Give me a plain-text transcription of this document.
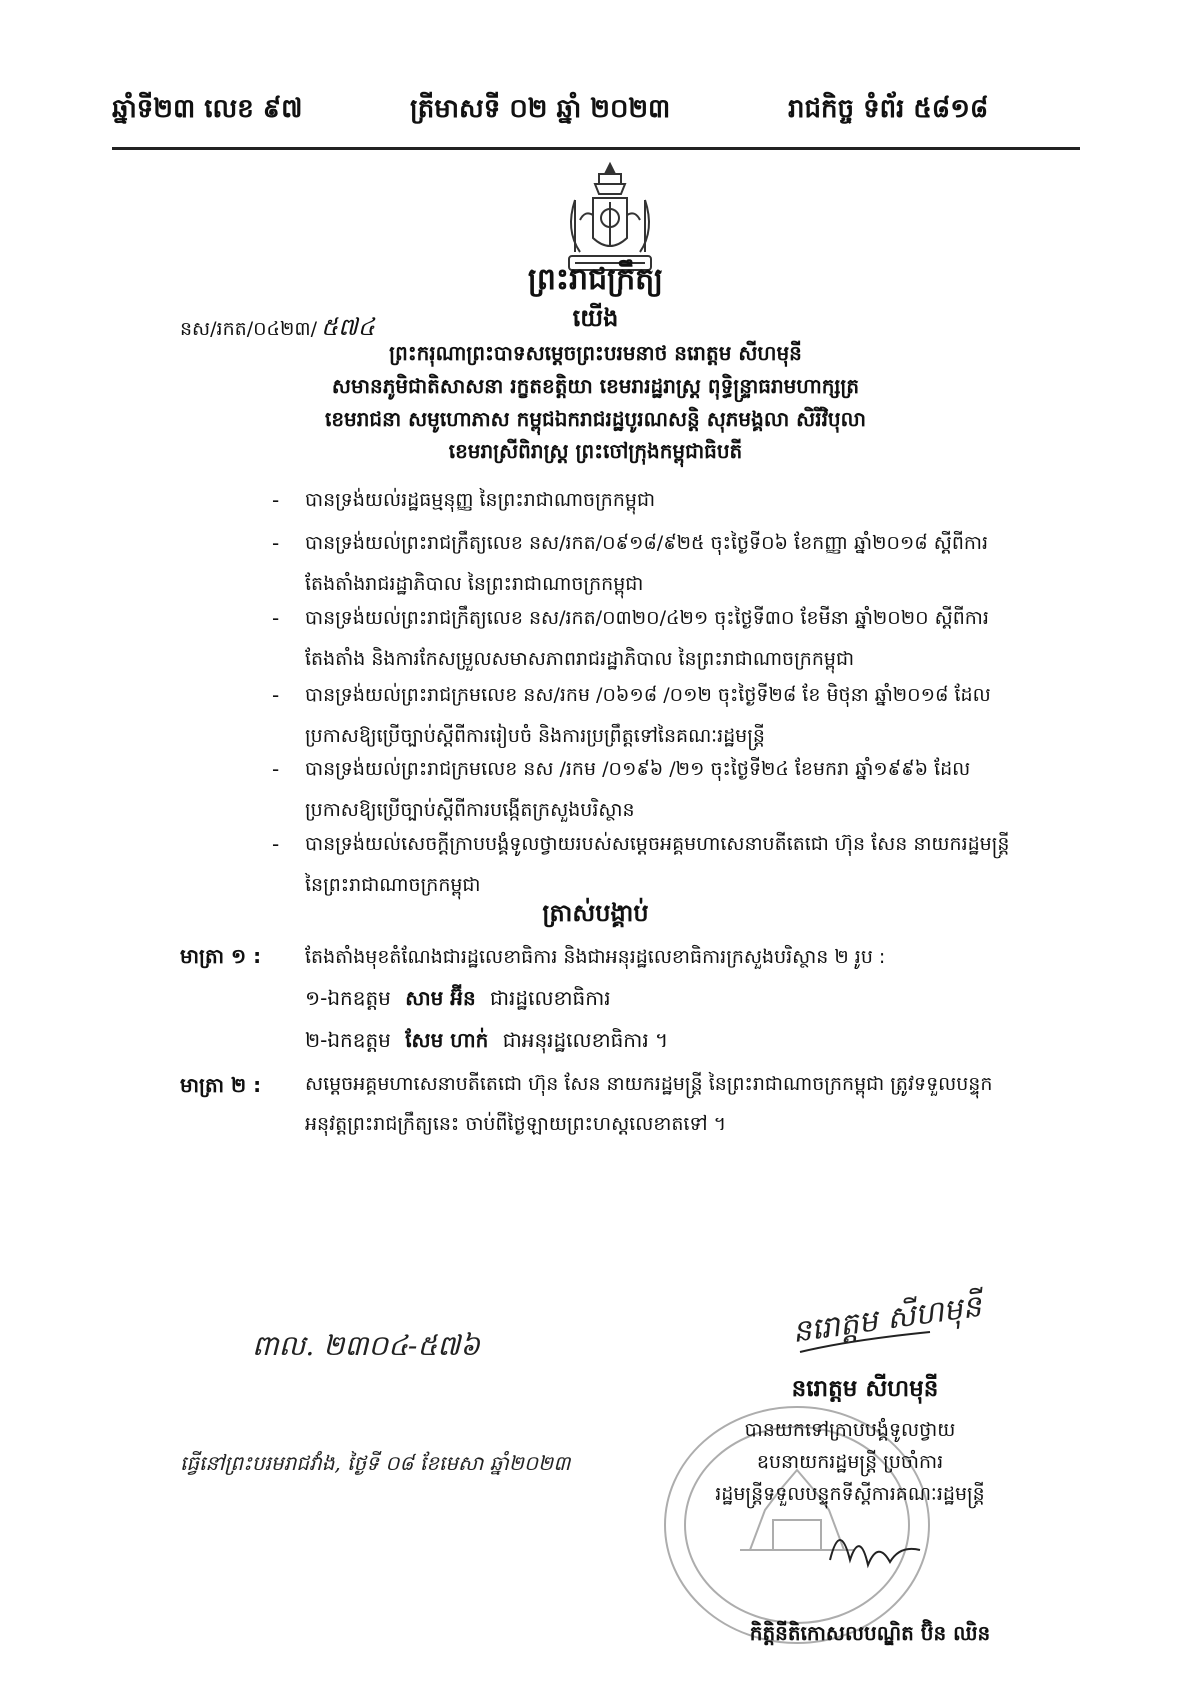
ឆ្នាំទី២៣ លេខ ៩៧	ត្រីមាសទី ០២ ឆ្នាំ ២០២៣	រាជកិច្ច ទំព័រ ៥៨១៨
ព្រះរាជក្រឹត្យ
នស/រកត/០៤២៣/ ៥៧៤	យើង
ព្រះករុណាព្រះបាទសម្តេចព្រះបរមនាថ នរោត្តម សីហមុនី
សមានភូមិជាតិសាសនា រក្ខតខត្តិយា ខេមរារដ្ឋរាស្ត្រ ពុទ្ធិន្ទ្រាធរាមហាក្សត្រ
ខេមរាជនា សមូហោភាស កម្ពុជឯករាជរដ្ឋបូរណសន្តិ សុភមង្គលា សិរីវិបុលា
ខេមរាស្រីពិរាស្ត្រ ព្រះចៅក្រុងកម្ពុជាធិបតី
- បានទ្រង់យល់រដ្ឋធម្មនុញ្ញ នៃព្រះរាជាណាចក្រកម្ពុជា
- បានទ្រង់យល់ព្រះរាជក្រឹត្យលេខ នស/រកត/០៩១៨/៩២៥ ចុះថ្ងៃទី០៦ ខែកញ្ញា ឆ្នាំ២០១៨ ស្តីពីការតែងតាំងរាជរដ្ឋាភិបាល នៃព្រះរាជាណាចក្រកម្ពុជា
- បានទ្រង់យល់ព្រះរាជក្រឹត្យលេខ នស/រកត/០៣២០/៤២១ ចុះថ្ងៃទី៣០ ខែមីនា ឆ្នាំ២០២០ ស្តីពីការតែងតាំង និងការកែសម្រួលសមាសភាពរាជរដ្ឋាភិបាល នៃព្រះរាជាណាចក្រកម្ពុជា
- បានទ្រង់យល់ព្រះរាជក្រមលេខ នស/រកម /០៦១៨ /០១២ ចុះថ្ងៃទី២៨ ខែ មិថុនា ឆ្នាំ២០១៨ ដែលប្រកាសឱ្យប្រើច្បាប់ស្តីពីការរៀបចំ និងការប្រព្រឹត្តទៅនៃគណៈរដ្ឋមន្ត្រី
- បានទ្រង់យល់ព្រះរាជក្រមលេខ នស /រកម /០១៩៦ /២១ ចុះថ្ងៃទី២៤ ខែមករា ឆ្នាំ១៩៩៦ ដែលប្រកាសឱ្យប្រើច្បាប់ស្តីពីការបង្កើតក្រសួងបរិស្ថាន
- បានទ្រង់យល់សេចក្តីក្រាបបង្គំទូលថ្វាយរបស់សម្តេចអគ្គមហាសេនាបតីតេជោ ហ៊ុន សែន នាយករដ្ឋមន្ត្រី នៃព្រះរាជាណាចក្រកម្ពុជា
ត្រាស់បង្គាប់
មាត្រា ១ : តែងតាំងមុខតំណែងជារដ្ឋលេខាធិការ និងជាអនុរដ្ឋលេខាធិការក្រសួងបរិស្ថាន ២ រូប :
១-ឯកឧត្តម សាម អ៊ីន ជារដ្ឋលេខាធិការ
២-ឯកឧត្តម សែម ហាក់ ជាអនុរដ្ឋលេខាធិការ ។
មាត្រា ២ : សម្តេចអគ្គមហាសេនាបតីតេជោ ហ៊ុន សែន នាយករដ្ឋមន្ត្រី នៃព្រះរាជាណាចក្រកម្ពុជា ត្រូវទទួលបន្ទុកអនុវត្តព្រះរាជក្រឹត្យនេះ ចាប់ពីថ្ងៃឡាយព្រះហស្តលេខាតទៅ ។
នរោត្តម សីហមុនី
ពាល. ២៣០៤-៥៧៦
ធ្វើនៅព្រះបរមរាជវាំង, ថ្ងៃទី ០៨ ខែមេសា ឆ្នាំ២០២៣
នរោត្តម សីហមុនី
បានយកទៅក្រាបបង្គំទូលថ្វាយ
ឧបនាយករដ្ឋមន្ត្រី ប្រចាំការ
រដ្ឋមន្ត្រីទទួលបន្ទុកទីស្តីការគណៈរដ្ឋមន្ត្រី
កិត្តិនីតិកោសលបណ្ឌិត ប៊ិន ឈិន
